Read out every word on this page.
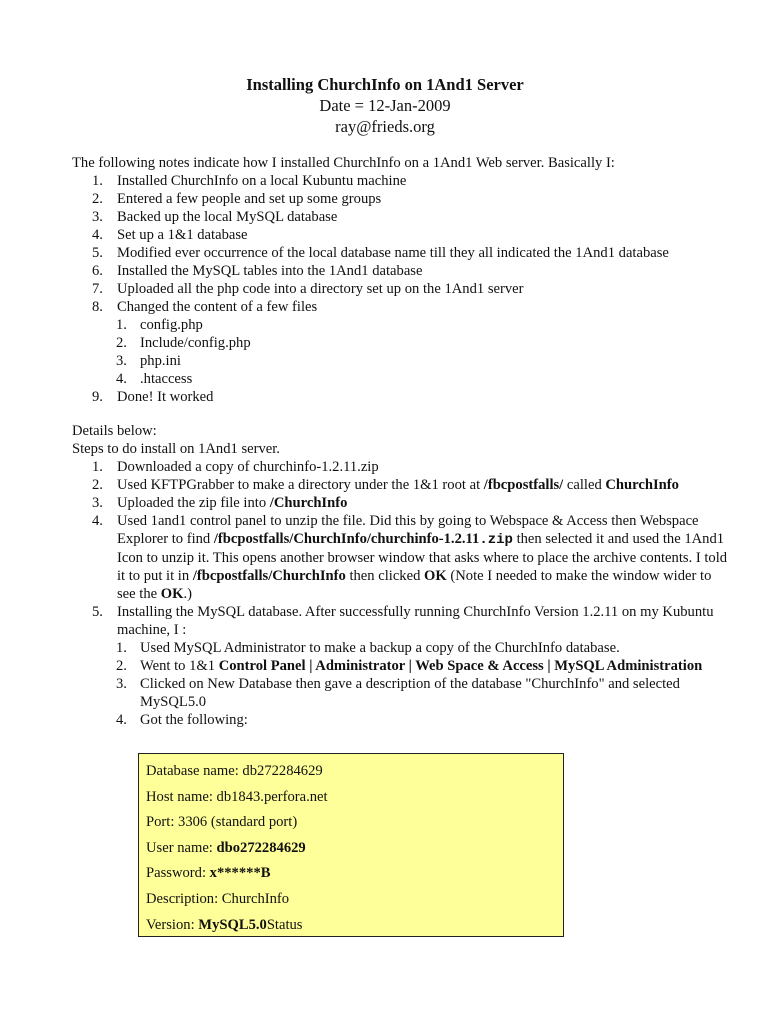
Installing ChurchInfo on 1And1 Server
Date = 12-Jan-2009
ray@frieds.org
The following notes indicate how I installed ChurchInfo on a 1And1 Web server. Basically I:
1. Installed ChurchInfo on a local Kubuntu machine
2. Entered a few people and set up some groups
3. Backed up the local MySQL database
4. Set up a 1&1 database
5. Modified ever occurrence of the local database name till they all indicated the 1And1 database
6. Installed the MySQL tables into the 1And1 database
7. Uploaded all the php code into a directory set up on the 1And1 server
8. Changed the content of a few files
1. config.php
2. Include/config.php
3. php.ini
4. .htaccess
9. Done! It worked
Details below:
Steps to do install on 1And1 server.
1. Downloaded a copy of churchinfo-1.2.11.zip
2. Used KFTPGrabber to make a directory under the 1&1 root at /fbcpostfalls/ called ChurchInfo
3. Uploaded the zip file into /ChurchInfo
4. Used 1and1 control panel to unzip the file. Did this by going to Webspace & Access then Webspace Explorer to find /fbcpostfalls/ChurchInfo/churchinfo-1.2.11.zip then selected it and used the 1And1 Icon to unzip it. This opens another browser window that asks where to place the archive contents. I told it to put it in /fbcpostfalls/ChurchInfo then clicked OK (Note I needed to make the window wider to see the OK.)
5. Installing the MySQL database. After successfully running ChurchInfo Version 1.2.11 on my Kubuntu machine, I :
1. Used MySQL Administrator to make a backup a copy of the ChurchInfo database.
2. Went to 1&1 Control Panel | Administrator | Web Space & Access | MySQL Administration
3. Clicked on New Database then gave a description of the database "ChurchInfo" and selected MySQL5.0
4. Got the following:
Database name: db272284629
Host name: db1843.perfora.net
Port: 3306 (standard port)
User name: dbo272284629
Password: x******B
Description: ChurchInfo
Version: MySQL5.0Status
